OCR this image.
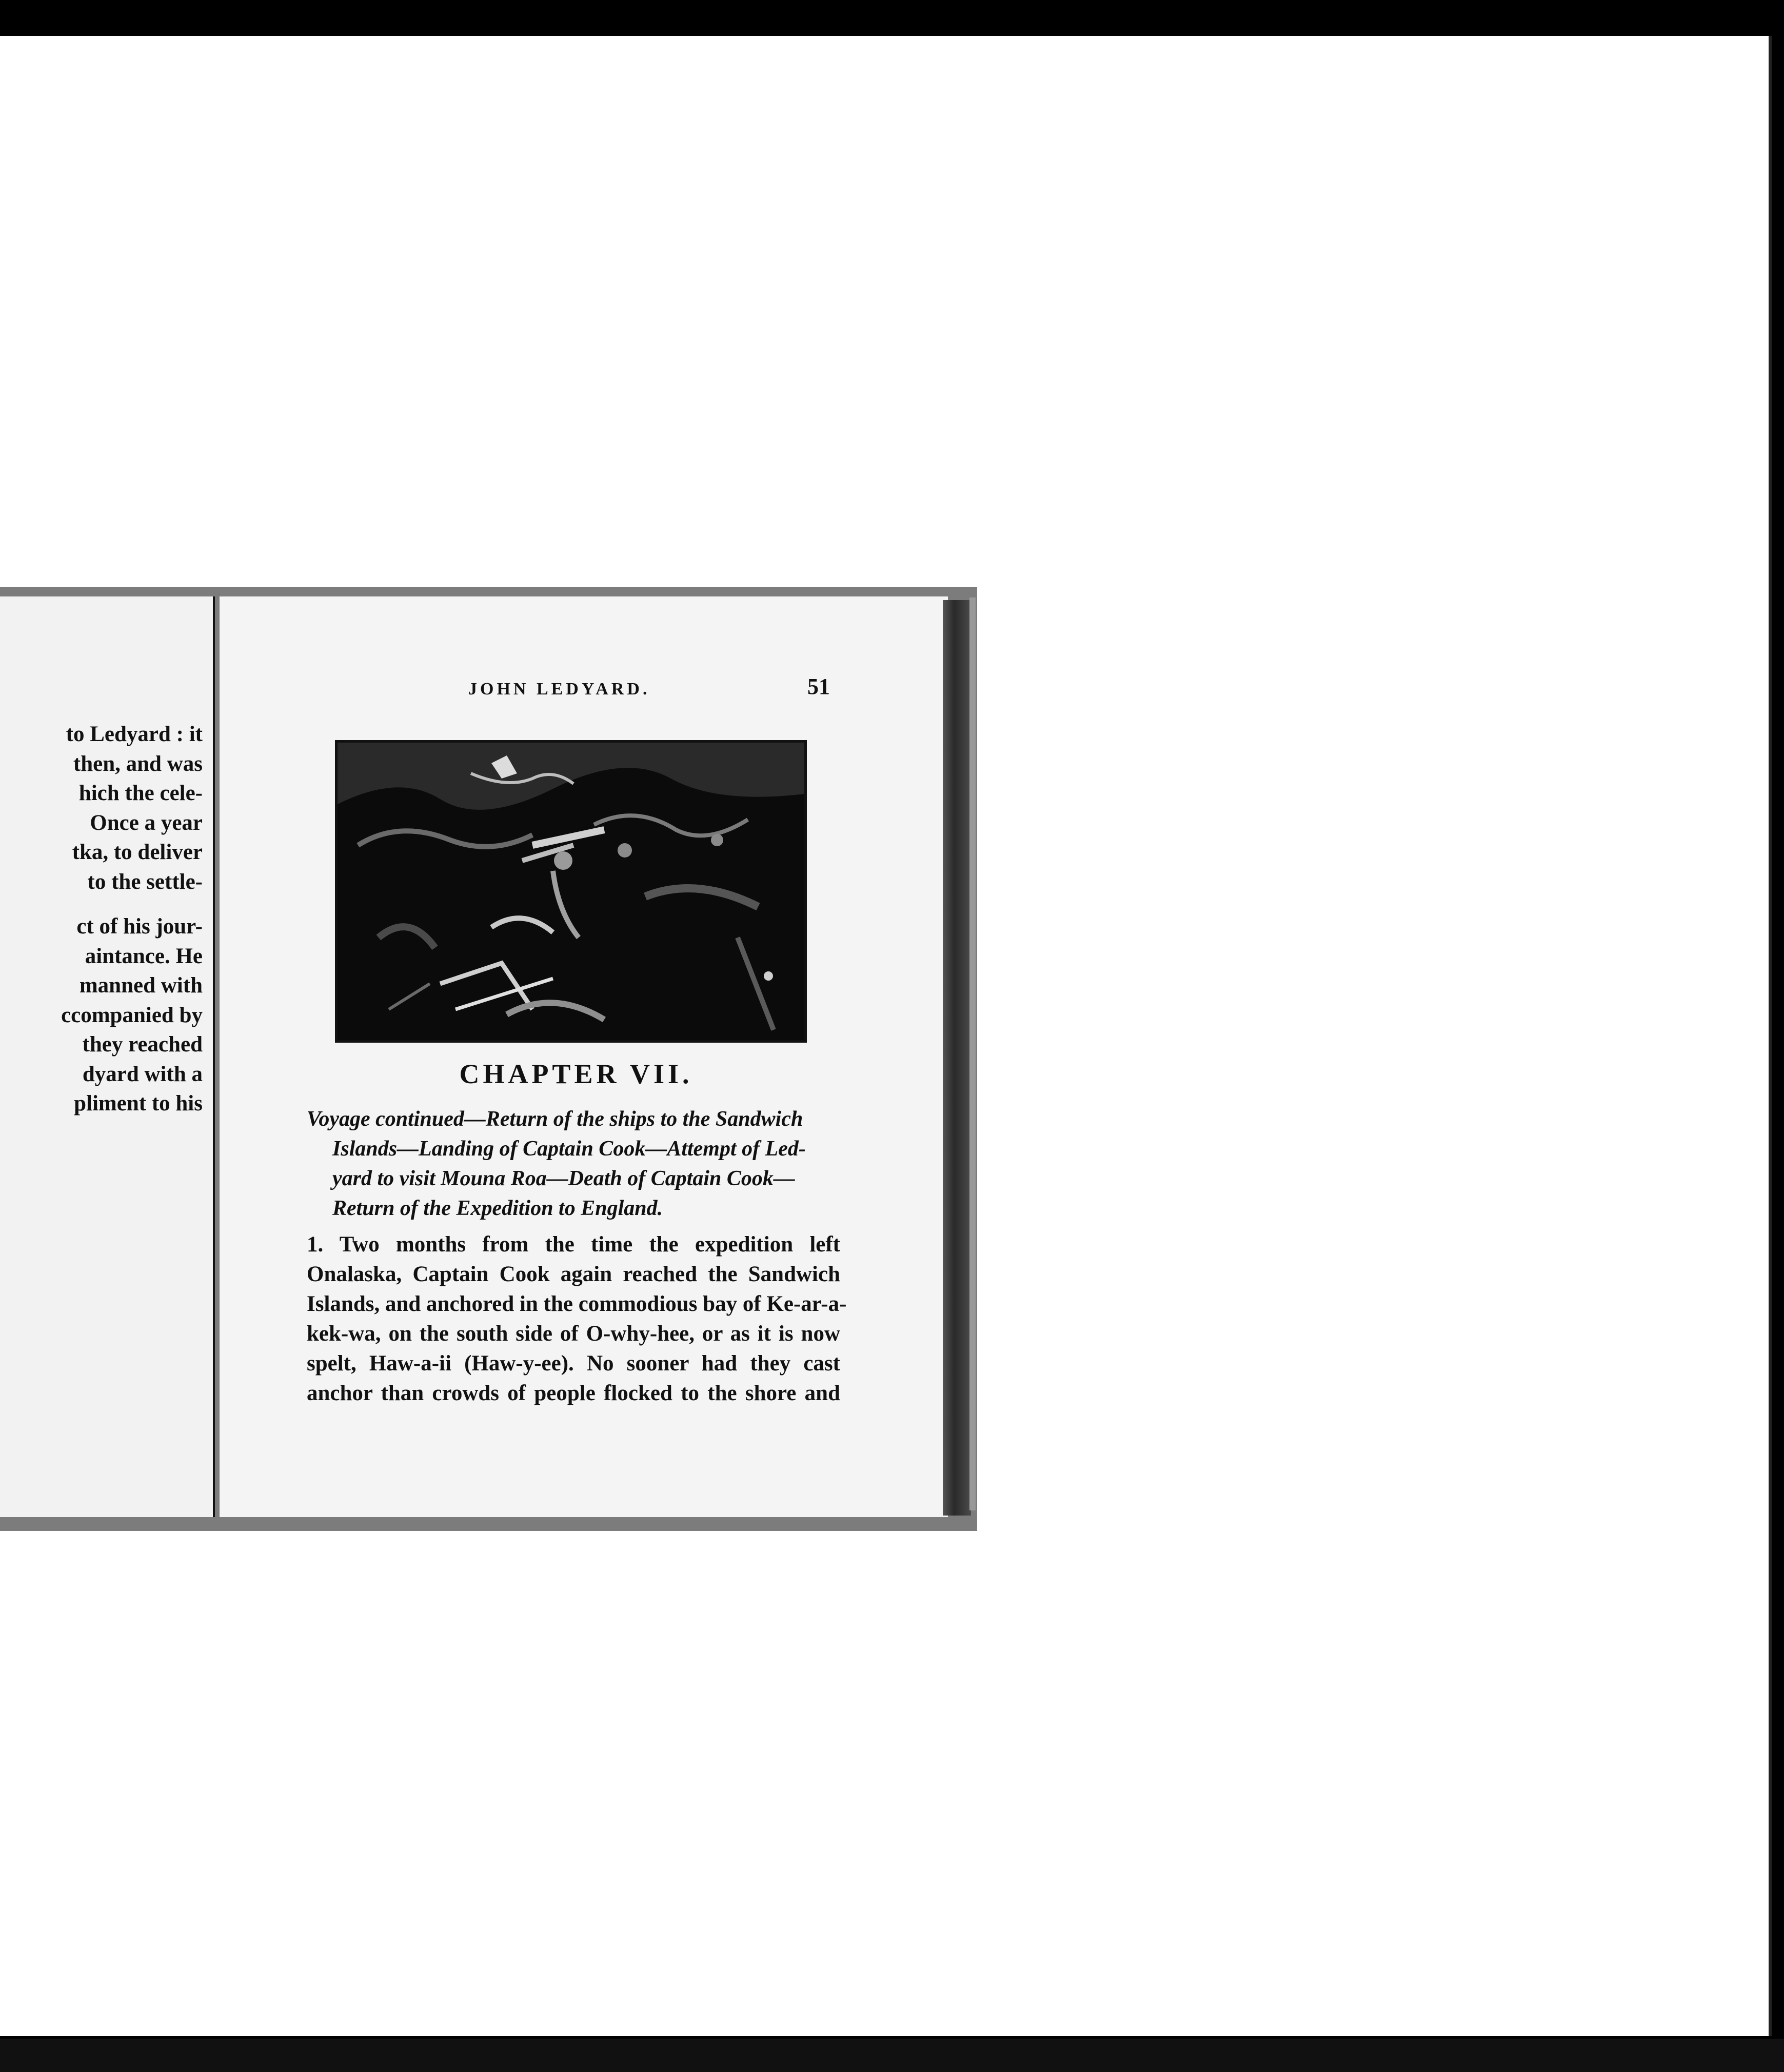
to Ledyard : it
then, and was
hich the cele-
Once a year
tka, to deliver
to the settle-
ct of his jour-
aintance. He
manned with
ccompanied by
they reached
dyard with a
pliment to his
JOHN LEDYARD.	51
CHAPTER VII.
Voyage continued—Return of the ships to the Sandwich
Islands—Landing of Captain Cook—Attempt of Led-
yard to visit Mouna Roa—Death of Captain Cook—
Return of the Expedition to England.
1. Two months from the time the expedition left
Onalaska, Captain Cook again reached the Sandwich
Islands, and anchored in the commodious bay of Ke-ar-a-
kek-wa, on the south side of O-why-hee, or as it is now
spelt, Haw-a-ii (Haw-y-ee). No sooner had they cast
anchor than crowds of people flocked to the shore and
